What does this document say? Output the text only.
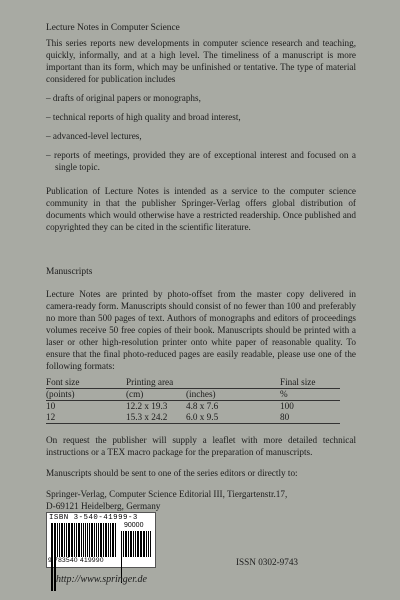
Lecture Notes in Computer Science

This series reports new developments in computer science research and teaching, quickly, informally, and at a high level. The timeliness of a manuscript is more important than its form, which may be unfinished or tentative. The type of material considered for publication includes

– drafts of original papers or monographs,
– technical reports of high quality and broad interest,
– advanced-level lectures,
– reports of meetings, provided they are of exceptional interest and focused on a single topic.

Publication of Lecture Notes is intended as a service to the computer science community in that the publisher Springer-Verlag offers global distribution of documents which would otherwise have a restricted readership. Once published and copyrighted they can be cited in the scientific literature.

Manuscripts

Lecture Notes are printed by photo-offset from the master copy delivered in camera-ready form. Manuscripts should consist of no fewer than 100 and preferably no more than 500 pages of text. Authors of monographs and editors of proceedings volumes receive 50 free copies of their book. Manuscripts should be printed with a laser or other high-resolution printer onto white paper of reasonable quality. To ensure that the final photo-reduced pages are easily readable, please use one of the following formats:

Font size	Printing area		Final size
(points)	(cm)	(inches)	%
10	12.2 x 19.3	4.8 x 7.6	100
12	15.3 x 24.2	6.0 x 9.5	80

On request the publisher will supply a leaflet with more detailed technical instructions or a TEX macro package for the preparation of manuscripts.

Manuscripts should be sent to one of the series editors or directly to:

Springer-Verlag, Computer Science Editorial III, Tiergartenstr.17,
D-69121 Heidelberg, Germany
ISBN 3-540-41999-3
90000
9 783540 419990	ISSN 0302-9743
http://www.springer.de
